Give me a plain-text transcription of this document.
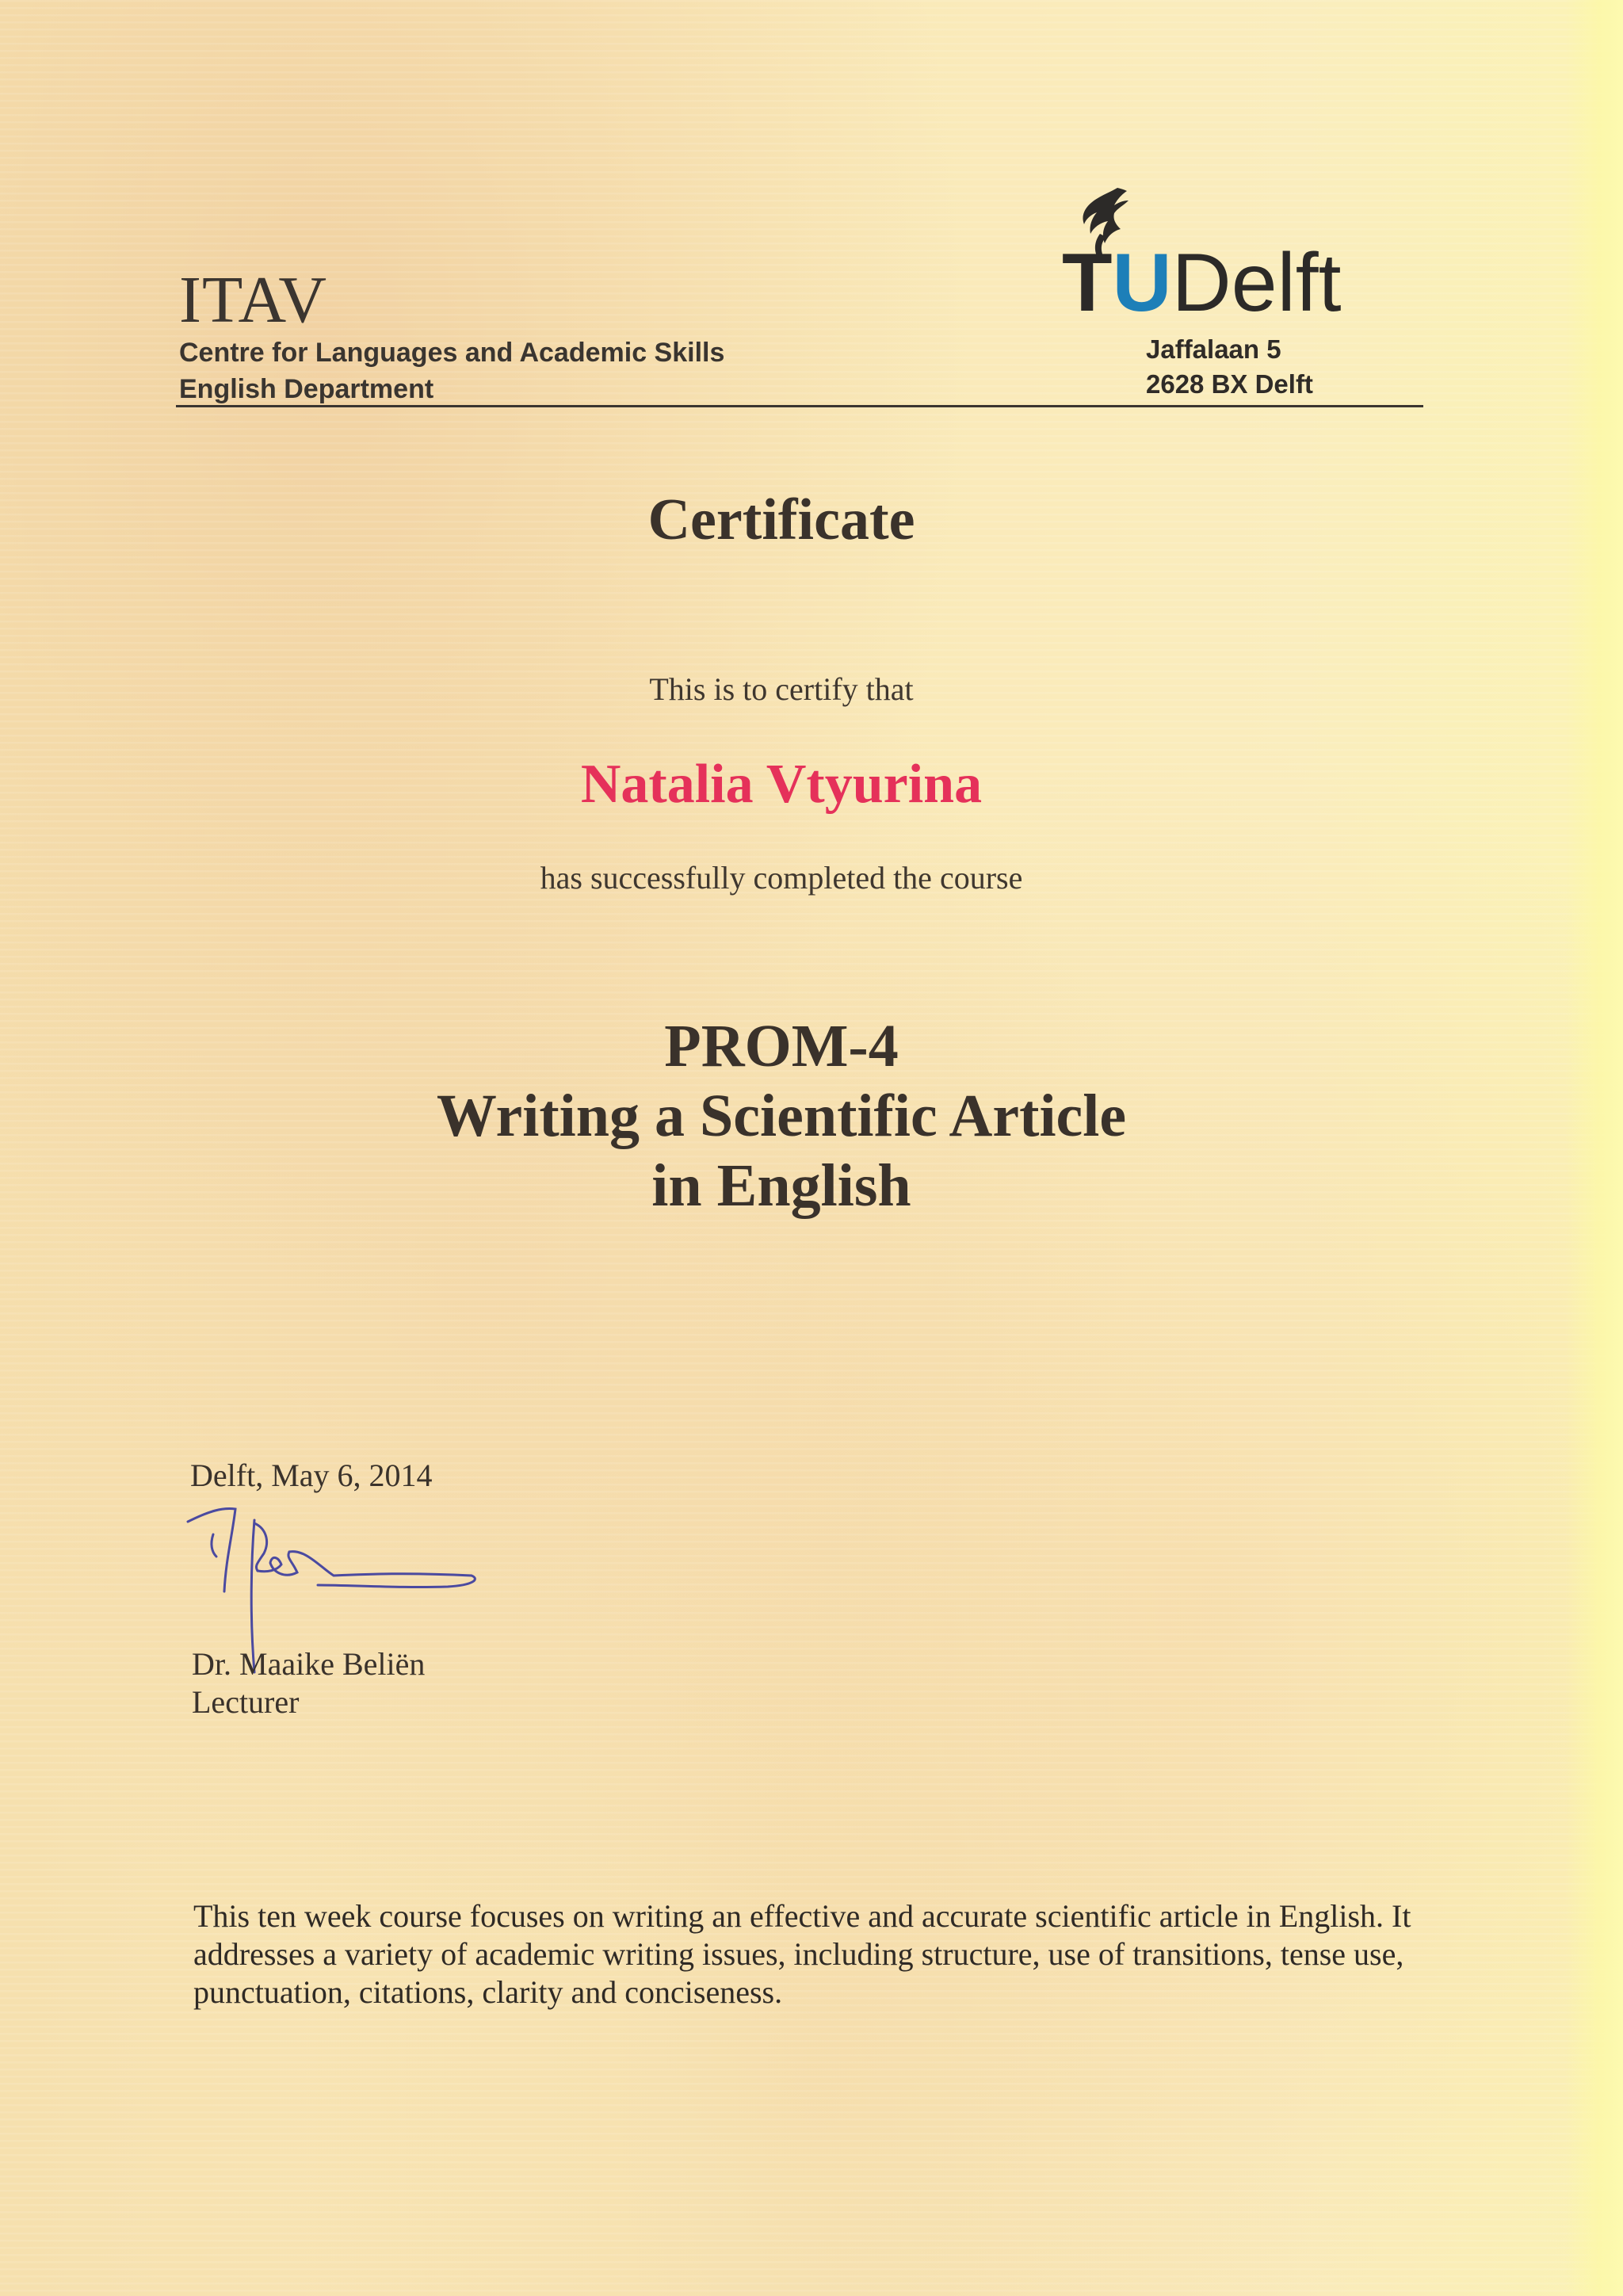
ITAV
Centre for Languages and Academic Skills
English Department
TUDelft
Jaffalaan 5
2628 BX Delft
Certificate
This is to certify that
Natalia Vtyurina
has successfully completed the course
PROM-4
Writing a Scientific Article
in English
Delft, May 6, 2014
Dr. Maaike Beliën
Lecturer
This ten week course focuses on writing an effective and accurate scientific article in English. It addresses a variety of academic writing issues, including structure, use of transitions, tense use, punctuation, citations, clarity and conciseness.
